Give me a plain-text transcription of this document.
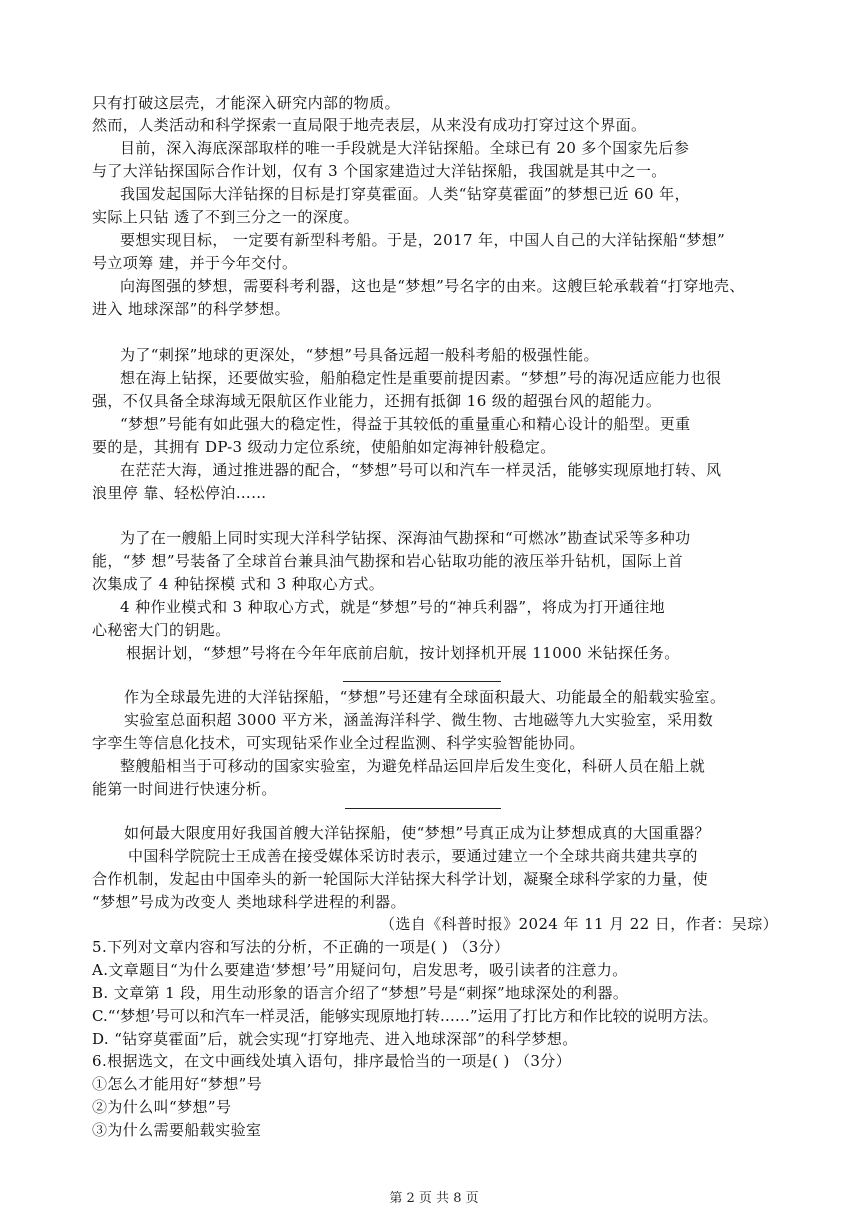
只有打破这层壳，才能深入研究内部的物质。
然而，人类活动和科学探索一直局限于地壳表层，从来没有成功打穿过这个界面。
目前，深入海底深部取样的唯一手段就是大洋钻探船。全球已有 20 多个国家先后参
与了大洋钻探国际合作计划，仅有 3 个国家建造过大洋钻探船，我国就是其中之一。
我国发起国际大洋钻探的目标是打穿莫霍面。人类“钻穿莫霍面”的梦想已近 60 年，
实际上只钻 透了不到三分之一的深度。
要想实现目标， 一定要有新型科考船。于是，2017 年，中国人自己的大洋钻探船“梦想”
号立项筹 建，并于今年交付。
向海图强的梦想，需要科考利器，这也是“梦想”号名字的由来。这艘巨轮承载着“打穿地壳、
进入 地球深部”的科学梦想。
为了“刺探”地球的更深处，“梦想”号具备远超一般科考船的极强性能。
想在海上钻探，还要做实验，船舶稳定性是重要前提因素。“梦想”号的海况适应能力也很
强，不仅具备全球海域无限航区作业能力，还拥有抵御 16 级的超强台风的超能力。
“梦想”号能有如此强大的稳定性，得益于其较低的重量重心和精心设计的船型。更重
要的是，其拥有 DP-3 级动力定位系统，使船舶如定海神针般稳定。
在茫茫大海，通过推进器的配合，“梦想”号可以和汽车一样灵活，能够实现原地打转、风
浪里停 靠、轻松停泊……
为了在一艘船上同时实现大洋科学钻探、深海油气勘探和“可燃冰”勘查试采等多种功
能，“梦 想”号装备了全球首台兼具油气勘探和岩心钻取功能的液压举升钻机，国际上首
次集成了 4 种钻探模 式和 3 种取心方式。
4 种作业模式和 3 种取心方式，就是“梦想”号的“神兵利器”，将成为打开通往地
心秘密大门的钥匙。
根据计划，“梦想”号将在今年年底前启航，按计划择机开展 11000 米钻探任务。
作为全球最先进的大洋钻探船，“梦想”号还建有全球面积最大、功能最全的船载实验室。
实验室总面积超 3000 平方米，涵盖海洋科学、微生物、古地磁等九大实验室，采用数
字孪生等信息化技术，可实现钻采作业全过程监测、科学实验智能协同。
整艘船相当于可移动的国家实验室，为避免样品运回岸后发生变化，科研人员在船上就
能第一时间进行快速分析。
如何最大限度用好我国首艘大洋钻探船，使“梦想”号真正成为让梦想成真的大国重器？
中国科学院院士王成善在接受媒体采访时表示，要通过建立一个全球共商共建共享的
合作机制，发起由中国牵头的新一轮国际大洋钻探大科学计划，凝聚全球科学家的力量，使
“梦想”号成为改变人 类地球科学进程的利器。
（选自《科普时报》2024 年 11 月 22 日，作者：吴琮）
5.下列对文章内容和写法的分析，不正确的一项是( ) （3分）
A.文章题目“为什么要建造‘梦想’号”用疑问句，启发思考，吸引读者的注意力。
B. 文章第 1 段，用生动形象的语言介绍了“梦想”号是“刺探”地球深处的利器。
C.“‘梦想’号可以和汽车一样灵活，能够实现原地打转……”运用了打比方和作比较的说明方法。
D. “钻穿莫霍面”后，就会实现“打穿地壳、进入地球深部”的科学梦想。
6.根据选文，在文中画线处填入语句，排序最恰当的一项是( ) （3分）
①怎么才能用好“梦想”号
②为什么叫“梦想”号
③为什么需要船载实验室
第 2 页 共 8 页
